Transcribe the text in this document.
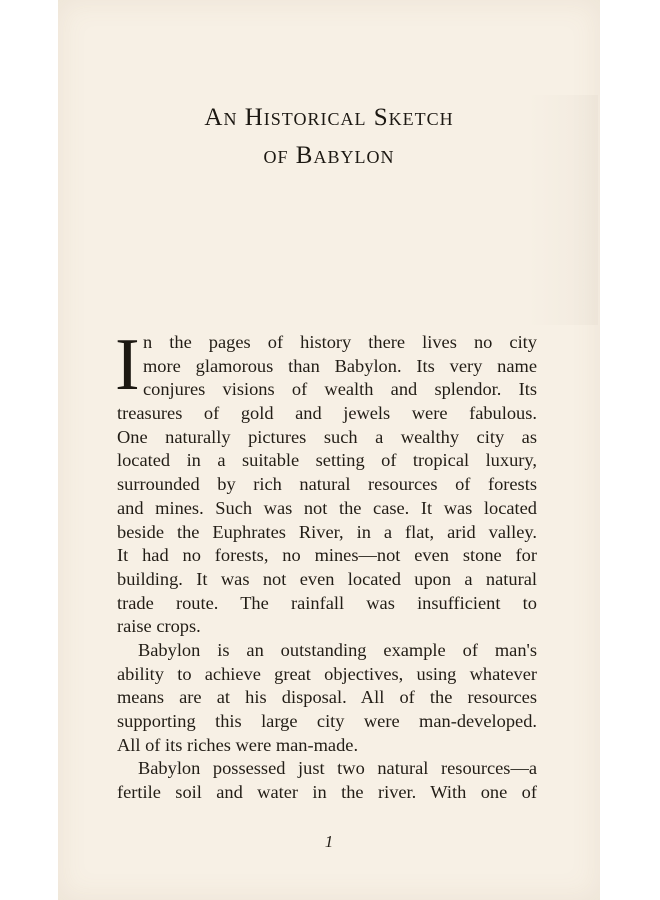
An Historical Sketch
of Babylon
I n the pages of history there lives no city
more glamorous than Babylon. Its very name
conjures visions of wealth and splendor. Its
treasures of gold and jewels were fabulous.
One naturally pictures such a wealthy city as
located in a suitable setting of tropical luxury,
surrounded by rich natural resources of forests
and mines. Such was not the case. It was located
beside the Euphrates River, in a flat, arid valley.
It had no forests, no mines—not even stone for
building. It was not even located upon a natural
trade route. The rainfall was insufficient to
raise crops.
Babylon is an outstanding example of man's
ability to achieve great objectives, using whatever
means are at his disposal. All of the resources
supporting this large city were man-developed.
All of its riches were man-made.
Babylon possessed just two natural resources—a
fertile soil and water in the river. With one of
1
